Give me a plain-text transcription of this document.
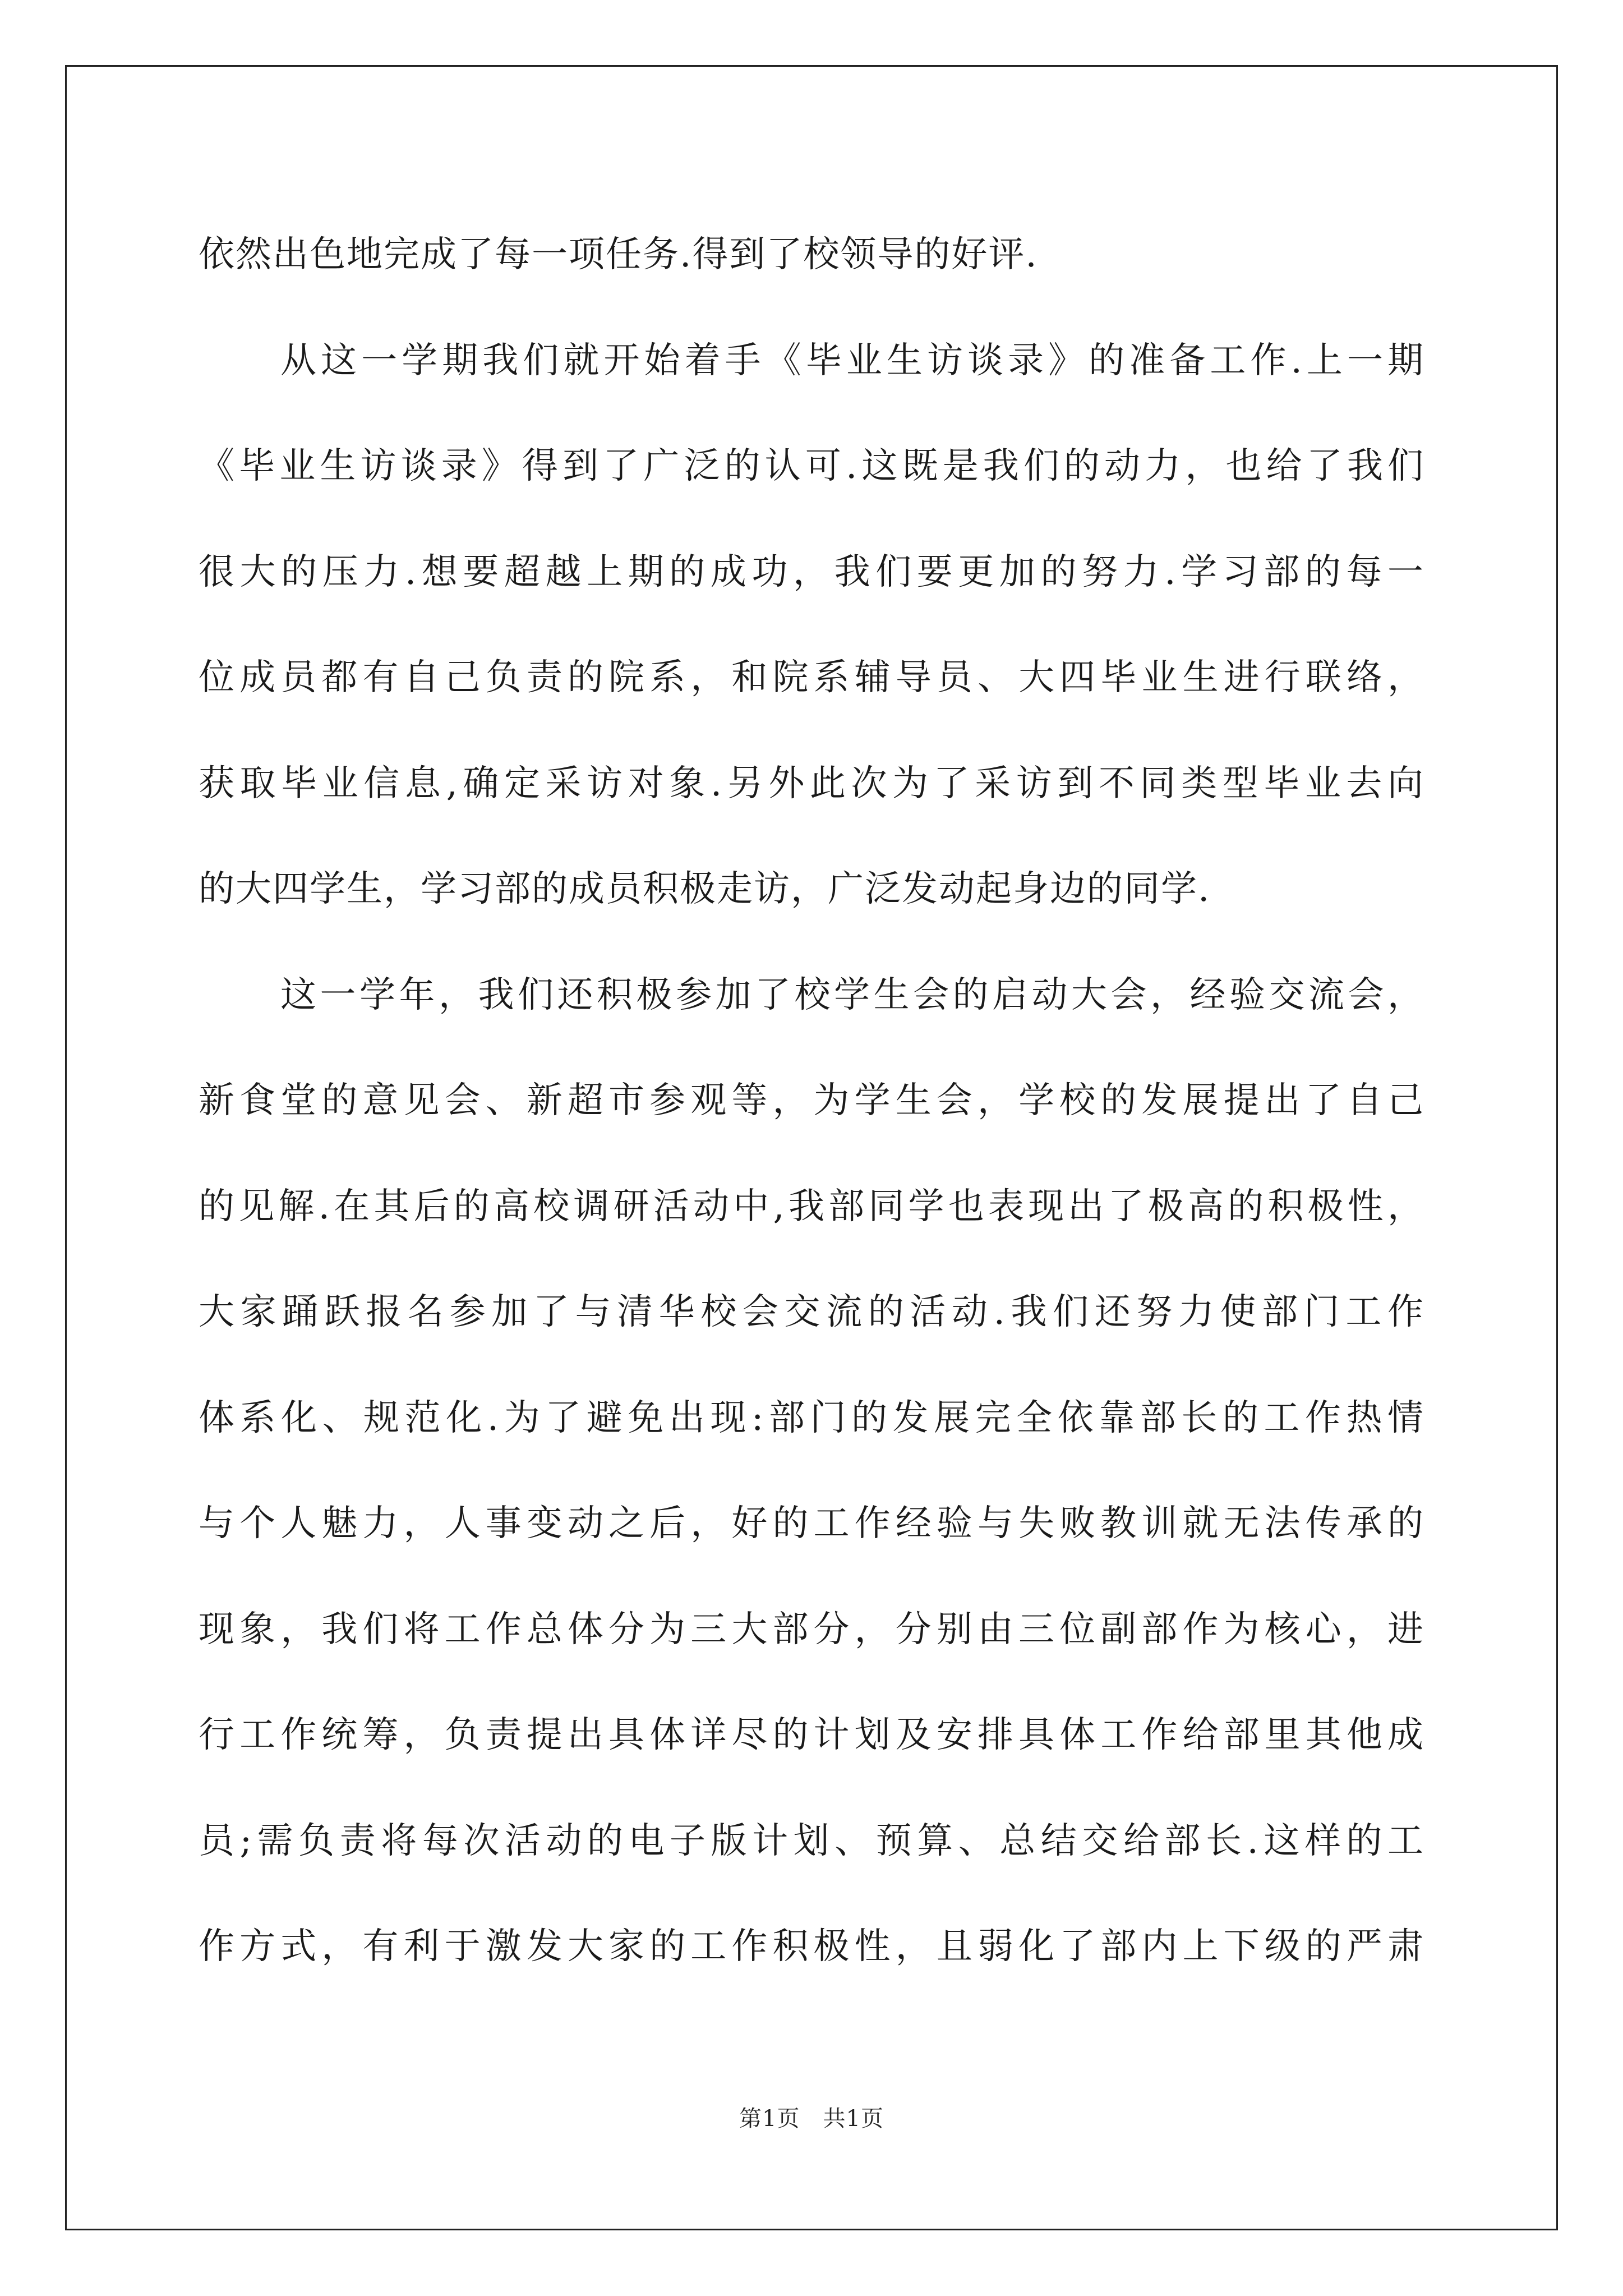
依然出色地完成了每一项任务.得到了校领导的好评.
从这一学期我们就开始着手《毕业生访谈录》的准备工作.上一期
《毕业生访谈录》得到了广泛的认可.这既是我们的动力，也给了我们
很大的压力.想要超越上期的成功，我们要更加的努力.学习部的每一
位成员都有自己负责的院系，和院系辅导员、大四毕业生进行联络，
获取毕业信息,确定采访对象.另外此次为了采访到不同类型毕业去向
的大四学生，学习部的成员积极走访，广泛发动起身边的同学.
这一学年，我们还积极参加了校学生会的启动大会，经验交流会，
新食堂的意见会、新超市参观等，为学生会，学校的发展提出了自己
的见解.在其后的高校调研活动中,我部同学也表现出了极高的积极性，
大家踊跃报名参加了与清华校会交流的活动.我们还努力使部门工作
体系化、规范化.为了避免出现:部门的发展完全依靠部长的工作热情
与个人魅力，人事变动之后，好的工作经验与失败教训就无法传承的
现象，我们将工作总体分为三大部分，分别由三位副部作为核心，进
行工作统筹，负责提出具体详尽的计划及安排具体工作给部里其他成
员;需负责将每次活动的电子版计划、预算、总结交给部长.这样的工
作方式，有利于激发大家的工作积极性，且弱化了部内上下级的严肃
第1页　共1页
